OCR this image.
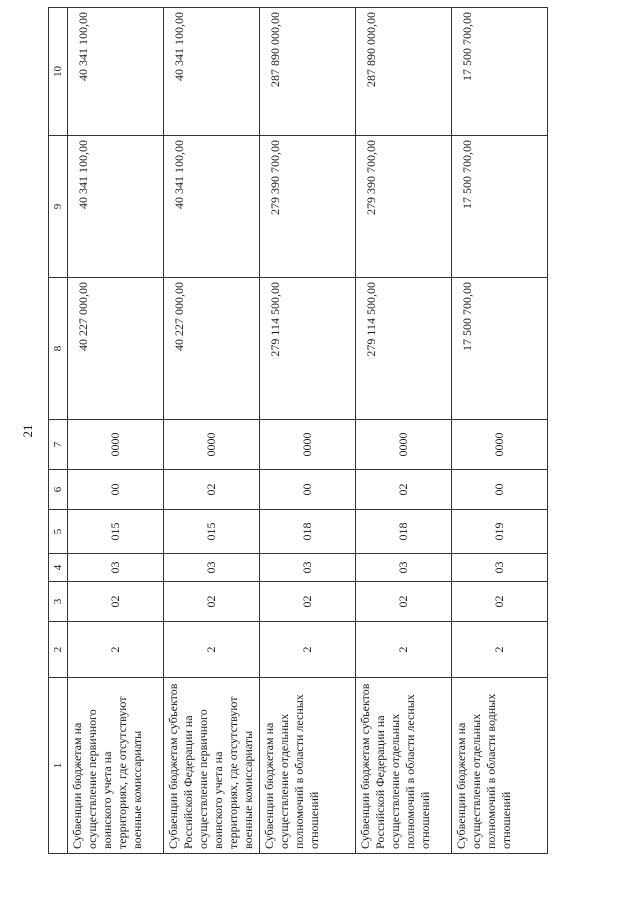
21
1	2	3	4	5	6	7	8	9	10
Субвенции бюджетам на осуществление первичного воинского учета на территориях, где отсутствуют военные комиссариаты	2	02	03	015	00	0000	40 227 000,00	40 341 100,00	40 341 100,00
Субвенции бюджетам субъектов Российской Федерации на осуществление первичного воинского учета на территориях, где отсутствуют военные комиссариаты	2	02	03	015	02	0000	40 227 000,00	40 341 100,00	40 341 100,00
Субвенции бюджетам на осуществление отдельных полномочий в области лесных отношений	2	02	03	018	00	0000	279 114 500,00	279 390 700,00	287 890 000,00
Субвенции бюджетам субъектов Российской Федерации на осуществление отдельных полномочий в области лесных отношений	2	02	03	018	02	0000	279 114 500,00	279 390 700,00	287 890 000,00
Субвенции бюджетам на осуществление отдельных полномочий в области водных отношений	2	02	03	019	00	0000	17 500 700,00	17 500 700,00	17 500 700,00
